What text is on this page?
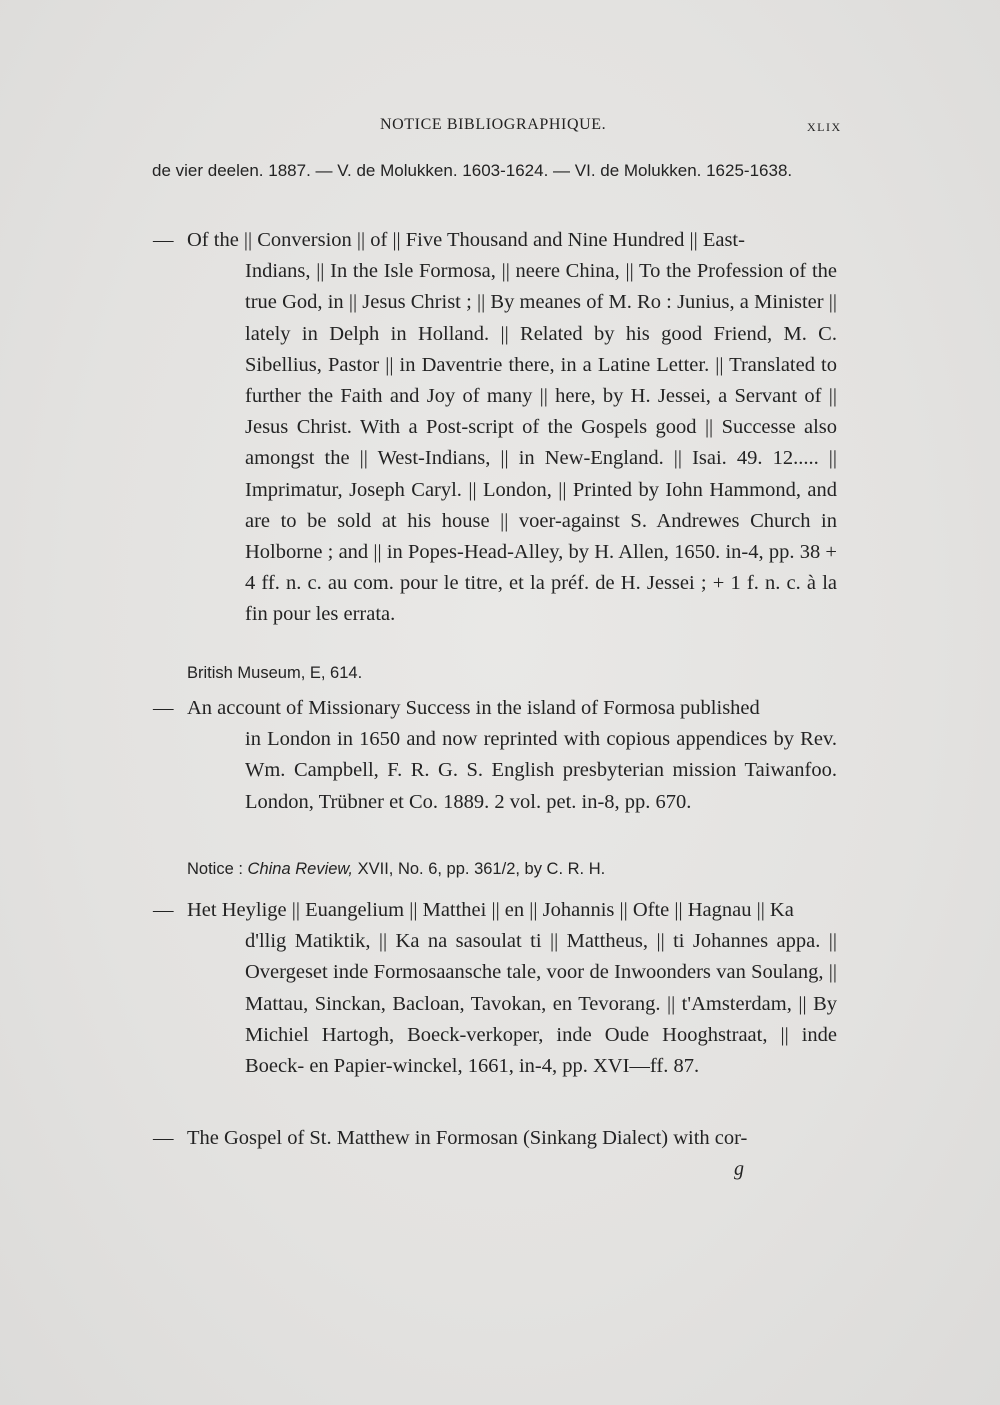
NOTICE BIBLIOGRAPHIQUE.	XLIX
de vier deelen. 1887. — V. de Molukken. 1603-1624. — VI. de Molukken. 1625-1638.
— Of the || Conversion || of || Five Thousand and Nine Hundred || East-
Indians, || In the Isle Formosa, || neere China, || To the Profession of the true God, in || Jesus Christ ; || By meanes of M. Ro : Junius, a Minister || lately in Delph in Holland. || Related by his good Friend, M. C. Sibellius, Pastor || in Daventrie there, in a Latine Letter. || Translated to further the Faith and Joy of many || here, by H. Jessei, a Servant of || Jesus Christ. With a Post-script of the Gospels good || Successe also amongst the || West-Indians, || in New-England. || Isai. 49. 12..... || Imprimatur, Joseph Caryl. || London, || Printed by Iohn Hammond, and are to be sold at his house || voer-against S. Andrewes Church in Holborne ; and || in Popes-Head-Alley, by H. Allen, 1650. in-4, pp. 38 + 4 ff. n. c. au com. pour le titre, et la préf. de H. Jessei ; + 1 f. n. c. à la fin pour les errata.
British Museum, E, 614.
— An account of Missionary Success in the island of Formosa published
in London in 1650 and now reprinted with copious appendices by Rev. Wm. Campbell, F. R. G. S. English presbyterian mission Taiwanfoo. London, Trübner et Co. 1889. 2 vol. pet. in-8, pp. 670.
Notice : China Review, XVII, No. 6, pp. 361/2, by C. R. H.
— Het Heylige || Euangelium || Matthei || en || Johannis || Ofte || Hagnau || Ka
d'llig Matiktik, || Ka na sasoulat ti || Mattheus, || ti Johannes appa. || Overgeset inde Formosaansche tale, voor de Inwoonders van Soulang, || Mattau, Sinckan, Bacloan, Tavokan, en Tevorang. || t'Amsterdam, || By Michiel Hartogh, Boeck-verkoper, inde Oude Hooghstraat, || inde Boeck- en Papier-winckel, 1661, in-4, pp. XVI—ff. 87.
— The Gospel of St. Matthew in Formosan (Sinkang Dialect) with cor-
g
